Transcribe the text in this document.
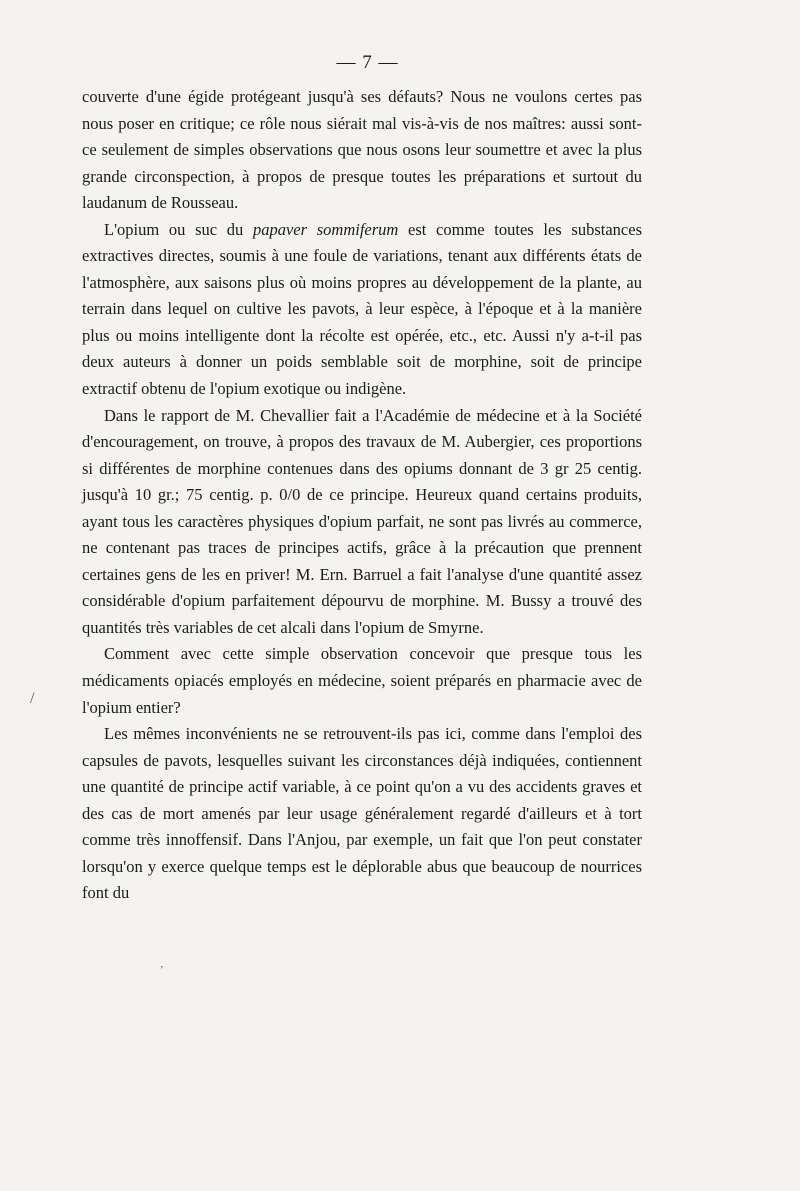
— 7 —

couverte d'une égide protégeant jusqu'à ses défauts? Nous ne voulons certes pas nous poser en critique; ce rôle nous siérait mal vis-à-vis de nos maîtres: aussi sont-ce seulement de simples observations que nous osons leur soumettre et avec la plus grande circonspection, à propos de presque toutes les préparations et surtout du laudanum de Rousseau.

L'opium ou suc du papaver sommiferum est comme toutes les substances extractives directes, soumis à une foule de variations, tenant aux différents états de l'atmosphère, aux saisons plus où moins propres au développement de la plante, au terrain dans lequel on cultive les pavots, à leur espèce, à l'époque et à la manière plus ou moins intelligente dont la récolte est opérée, etc., etc. Aussi n'y a-t-il pas deux auteurs à donner un poids semblable soit de morphine, soit de principe extractif obtenu de l'opium exotique ou indigène.

Dans le rapport de M. Chevallier fait a l'Académie de médecine et à la Société d'encouragement, on trouve, à propos des travaux de M. Aubergier, ces proportions si différentes de morphine contenues dans des opiums donnant de 3 gr 25 centig. jusqu'à 10 gr.; 75 centig. p. 0/0 de ce principe. Heureux quand certains produits, ayant tous les caractères physiques d'opium parfait, ne sont pas livrés au commerce, ne contenant pas traces de principes actifs, grâce à la précaution que prennent certaines gens de les en priver! M. Ern. Barruel a fait l'analyse d'une quantité assez considérable d'opium parfaitement dépourvu de morphine. M. Bussy a trouvé des quantités très variables de cet alcali dans l'opium de Smyrne.

Comment avec cette simple observation concevoir que presque tous les médicaments opiacés employés en médecine, soient préparés en pharmacie avec de l'opium entier?

Les mêmes inconvénients ne se retrouvent-ils pas ici, comme dans l'emploi des capsules de pavots, lesquelles suivant les circonstances déjà indiquées, contiennent une quantité de principe actif variable, à ce point qu'on a vu des accidents graves et des cas de mort amenés par leur usage généralement regardé d'ailleurs et à tort comme très innoffensif. Dans l'Anjou, par exemple, un fait que l'on peut constater lorsqu'on y exerce quelque temps est le déplorable abus que beaucoup de nourrices font du

/
ʼ
